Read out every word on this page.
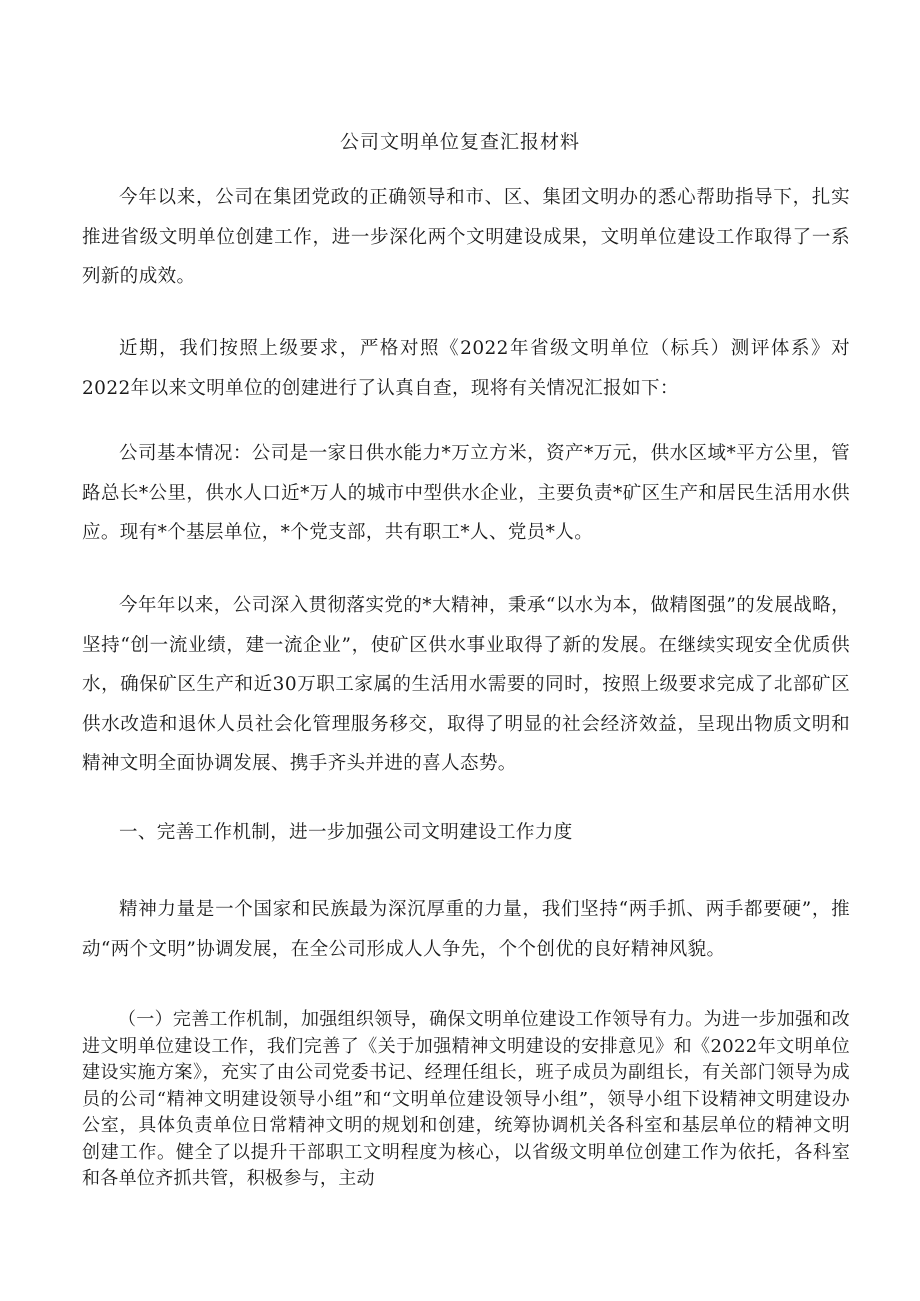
公司文明单位复查汇报材料

今年以来，公司在集团党政的正确领导和市、区、集团文明办的悉心帮助指导下，扎实推进省级文明单位创建工作，进一步深化两个文明建设成果，文明单位建设工作取得了一系列新的成效。

近期，我们按照上级要求，严格对照《2022年省级文明单位（标兵）测评体系》对2022年以来文明单位的创建进行了认真自查，现将有关情况汇报如下：

公司基本情况：公司是一家日供水能力*万立方米，资产*万元，供水区域*平方公里，管路总长*公里，供水人口近*万人的城市中型供水企业，主要负责*矿区生产和居民生活用水供应。现有*个基层单位，*个党支部，共有职工*人、党员*人。

今年年以来，公司深入贯彻落实党的*大精神，秉承“以水为本，做精图强”的发展战略，坚持“创一流业绩，建一流企业”，使矿区供水事业取得了新的发展。在继续实现安全优质供水，确保矿区生产和近30万职工家属的生活用水需要的同时，按照上级要求完成了北部矿区供水改造和退休人员社会化管理服务移交，取得了明显的社会经济效益，呈现出物质文明和精神文明全面协调发展、携手齐头并进的喜人态势。

一、完善工作机制，进一步加强公司文明建设工作力度

精神力量是一个国家和民族最为深沉厚重的力量，我们坚持“两手抓、两手都要硬”，推动“两个文明”协调发展，在全公司形成人人争先，个个创优的良好精神风貌。

（一）完善工作机制，加强组织领导，确保文明单位建设工作领导有力。为进一步加强和改进文明单位建设工作，我们完善了《关于加强精神文明建设的安排意见》和《2022年文明单位建设实施方案》，充实了由公司党委书记、经理任组长，班子成员为副组长，有关部门领导为成员的公司“精神文明建设领导小组”和“文明单位建设领导小组”，领导小组下设精神文明建设办公室，具体负责单位日常精神文明的规划和创建，统筹协调机关各科室和基层单位的精神文明创建工作。健全了以提升干部职工文明程度为核心，以省级文明单位创建工作为依托，各科室和各单位齐抓共管，积极参与，主动
